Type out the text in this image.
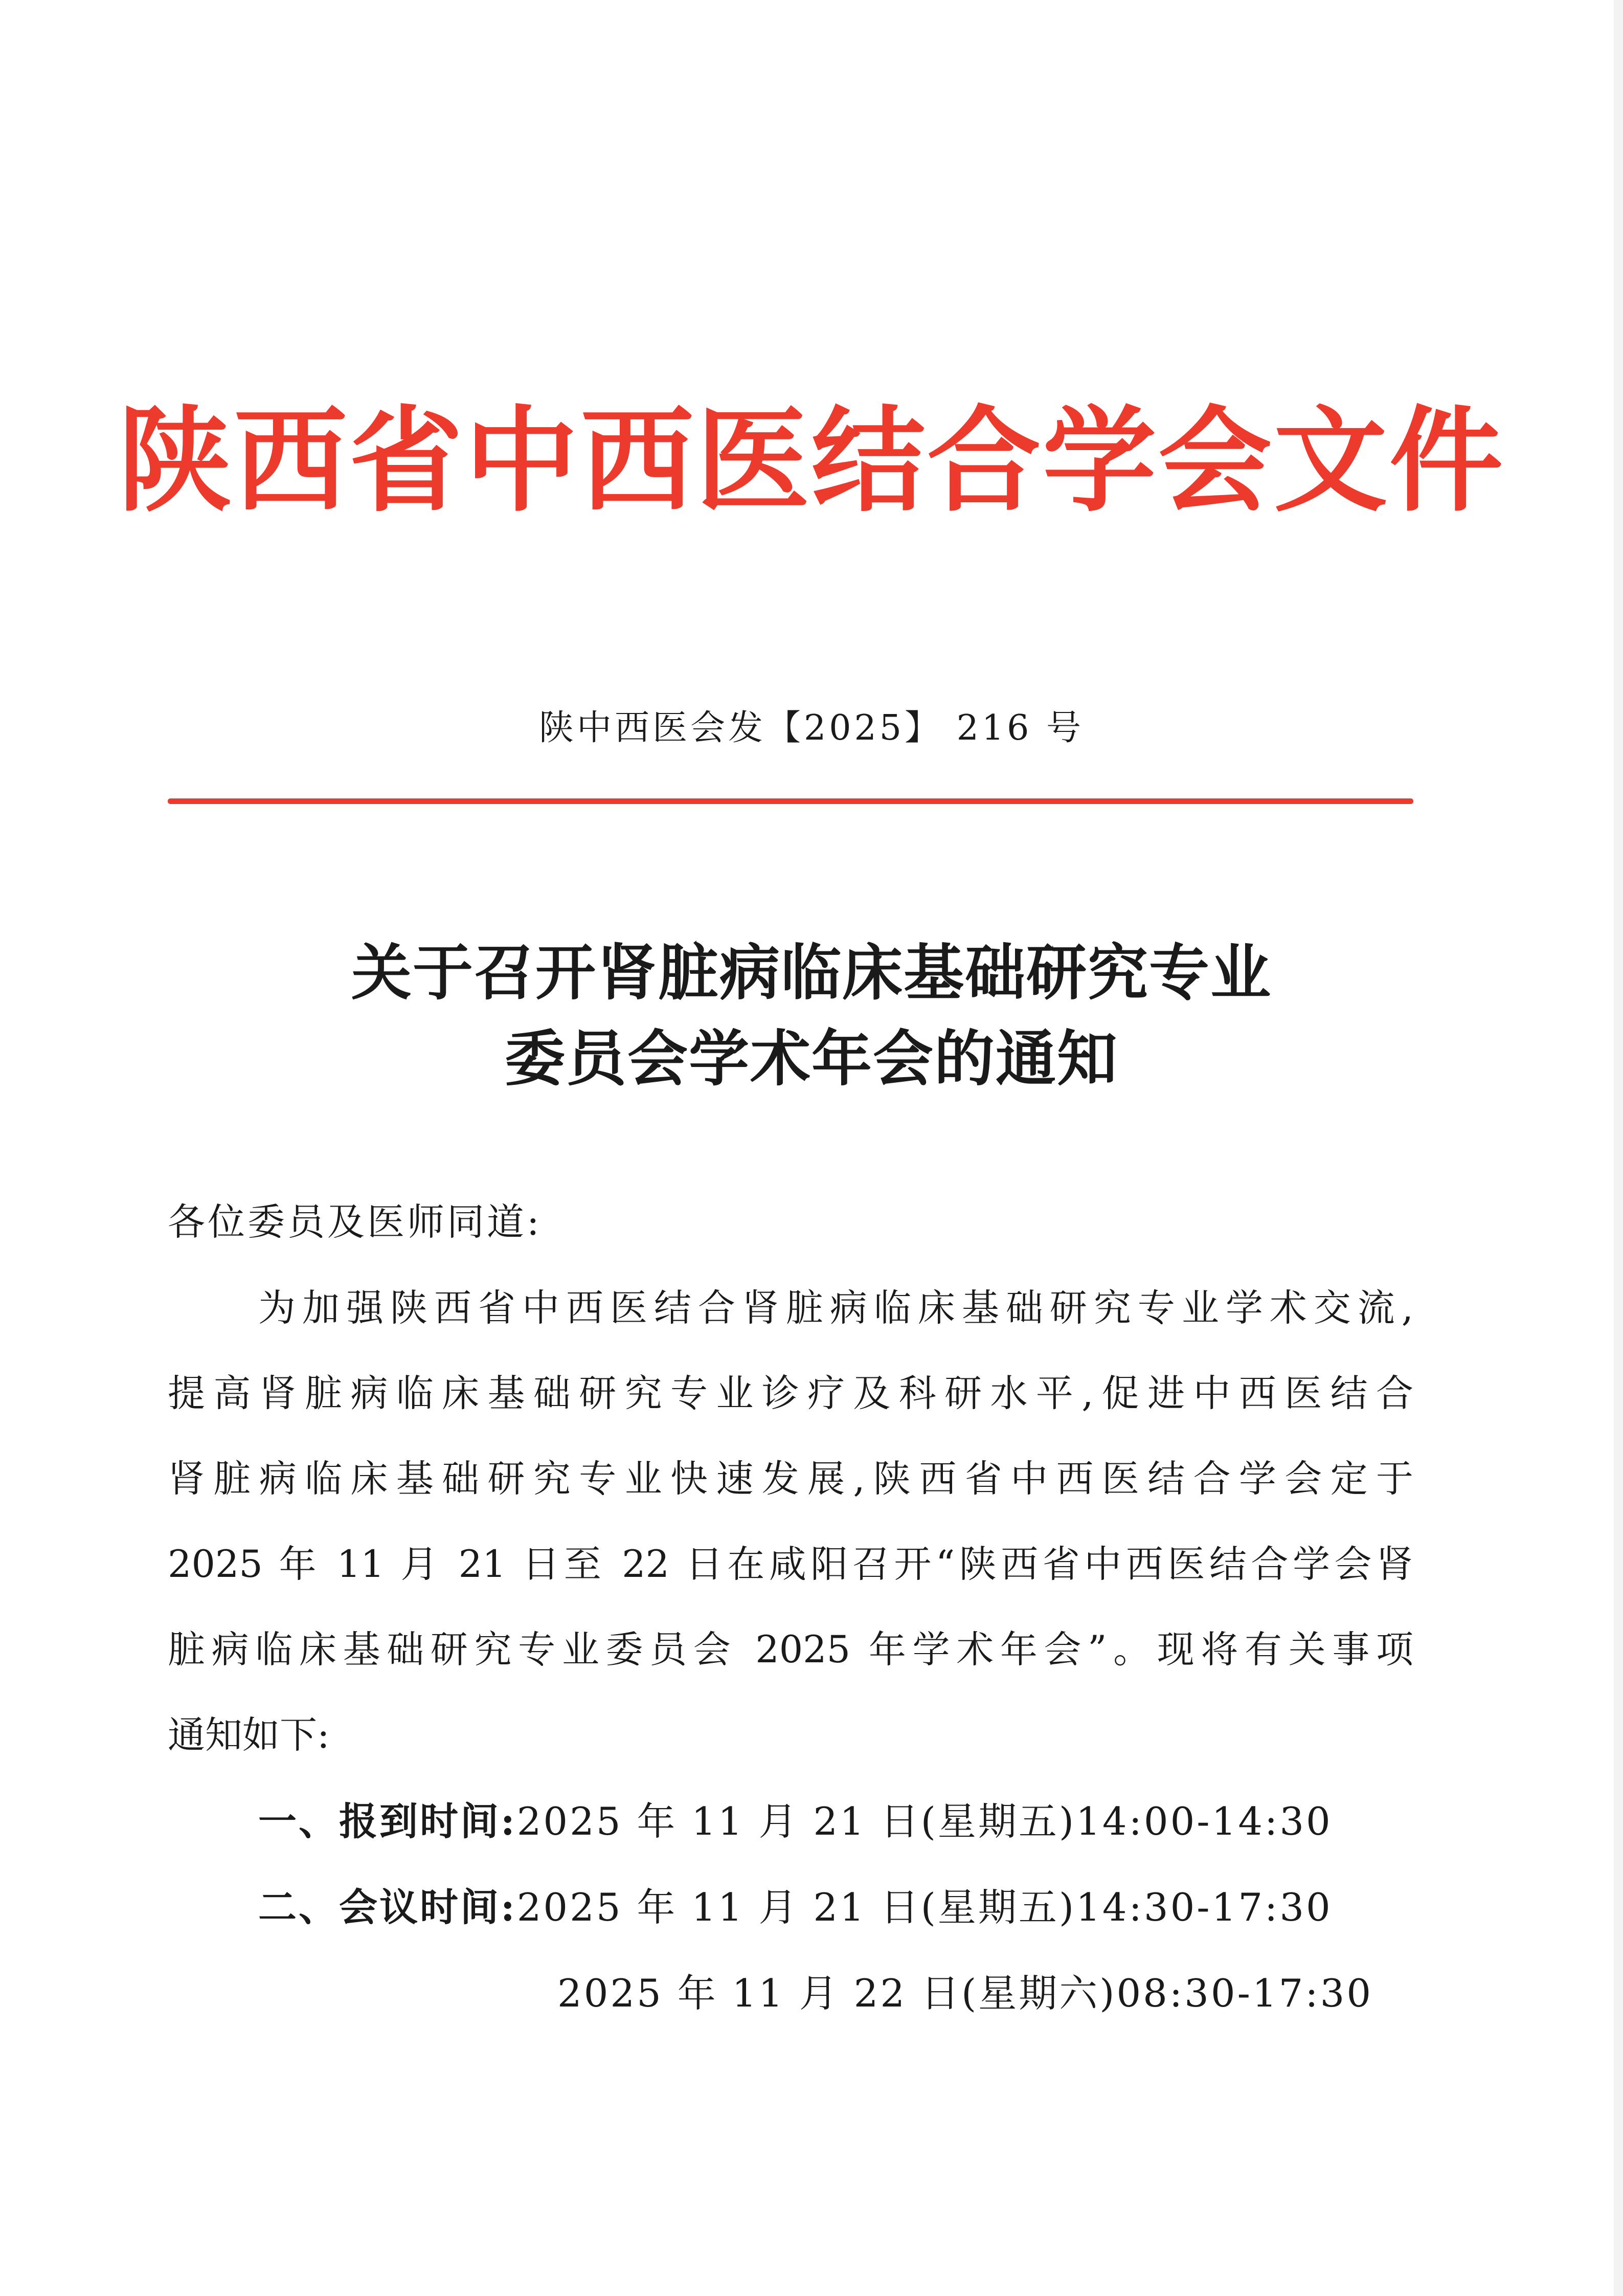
陕西省中西医结合学会文件
陕中西医会发【2025】 216 号
关于召开肾脏病临床基础研究专业
委员会学术年会的通知
各位委员及医师同道:
为加强陕西省中西医结合肾脏病临床基础研究专业学术交流,
提高肾脏病临床基础研究专业诊疗及科研水平,促进中西医结合
肾脏病临床基础研究专业快速发展,陕西省中西医结合学会定于
2025 年 11 月 21 日至 22 日在咸阳召开“陕西省中西医结合学会肾
脏病临床基础研究专业委员会 2025 年学术年会”。现将有关事项
通知如下:
一、报到时间:2025 年 11 月 21 日(星期五)14:00-14:30
二、会议时间:2025 年 11 月 21 日(星期五)14:30-17:30
2025 年 11 月 22 日(星期六)08:30-17:30
